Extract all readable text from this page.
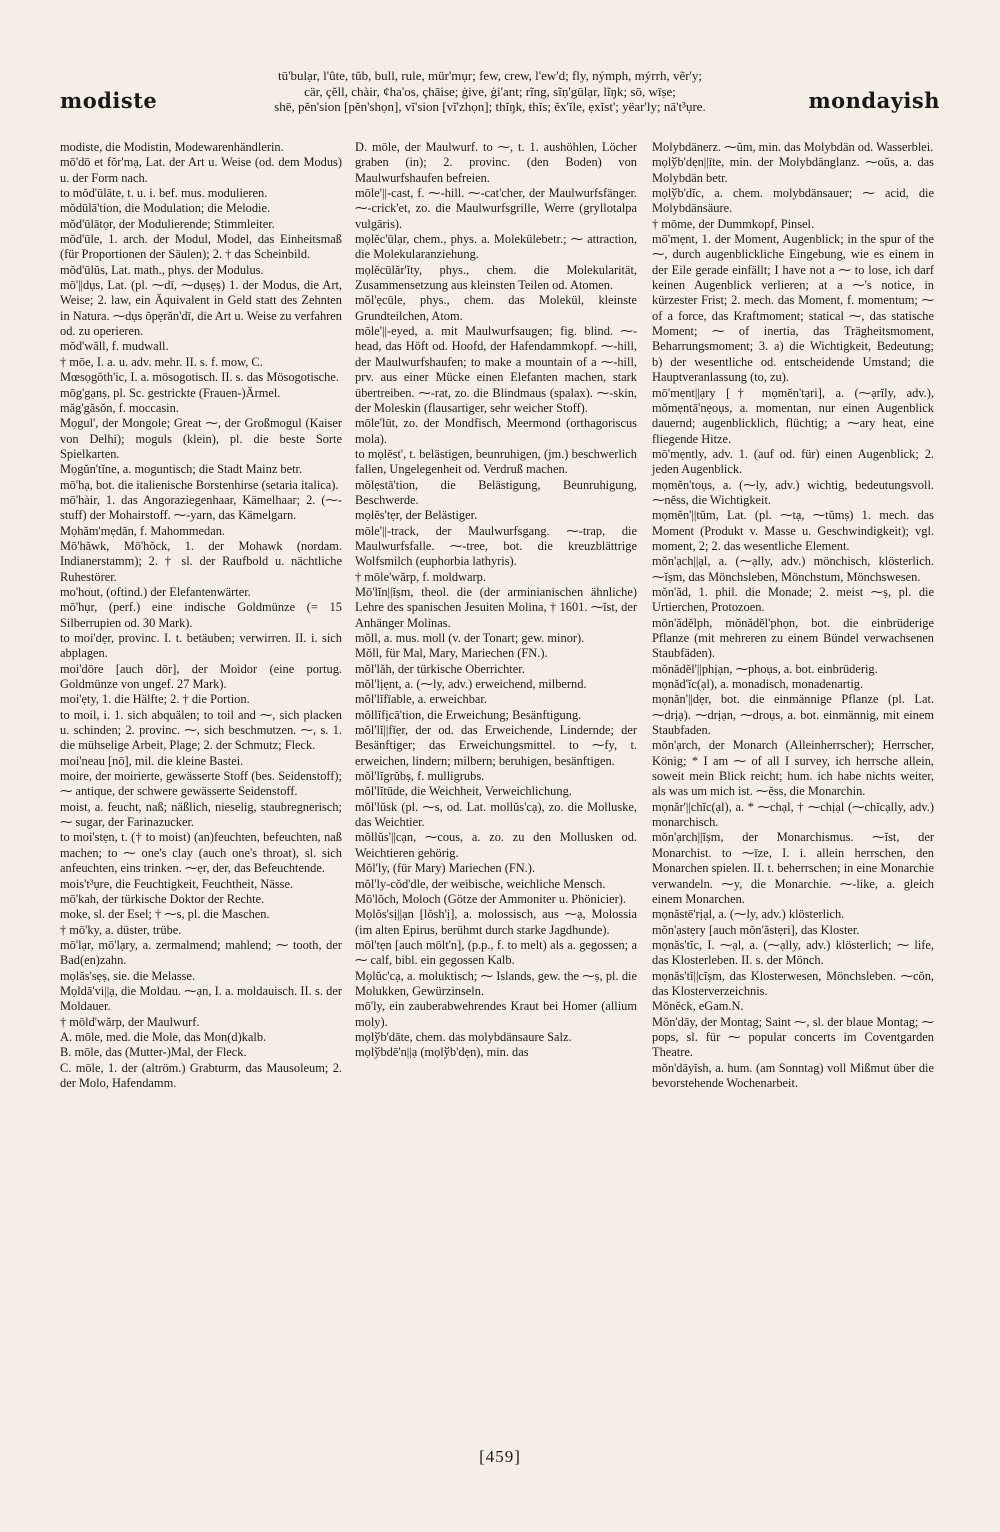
modiste
tū'bulạr, l'ûte, tŭb, bull, rule, mür'mụr; few, crew, l'ew'd; fly, nýmph, mýrrh, vẽr'y;
cär, çĕll, chàir, ¢ha'os, çhāise; ġive, ġi'ant; rĩng, sĩṇ'gūlạr, lĩŋk; sō, wīṣe;
shē, pĕn'sion [pĕn'shọn], vĭ'sion [vĭ'zhọn]; thĭŋk, ŧhĭs; ĕx'ĭle, ẹxĭst'; yëar'ly; nā't³ụre.	mondayish
modiste, die Modistin, Modewarenhändlerin.
mō'dō et fŏr'mạ, Lat. der Art u. Weise (od. dem Modus) u. der Form nach.
to mŏd'ūlāte, t. u. i. bef. mus. modulieren.
mŏdūlā'tion, die Modulation; die Melodie.
mŏd'ūlātọr, der Modulierende; Stimmleiter.
mŏd'ūle, 1. arch. der Modul, Model, das Einheitsmaß (für Proportionen der Säulen); 2. † das Scheinbild.
mŏd'ūlŭs, Lat. math., phys. der Modulus.
mō'||dụs, Lat. (pl. ⁓dī, ⁓dụsẹṣ) 1. der Modus, die Art, Weise; 2. law, ein Äquivalent in Geld statt des Zehnten in Natura. ⁓dụs ŏpẹrăn'dī, die Art u. Weise zu verfahren od. zu operieren.
mŏd'wăll, f. mudwall.
† mōe, I. a. u. adv. mehr. II. s. f. mow, C.
Mœsọgŏth'ic, I. a. mösogotisch. II. s. das Mösogotische.
mōg'gạnṣ, pl. Sc. gestrickte (Frauen-)Ärmel.
măg'găsŏn, f. moccasin.
Mọgul', der Mongole; Great ⁓, der Großmogul (Kaiser von Delhi); moguls (klein), pl. die beste Sorte Spielkarten.
Mọgŭn'tĭne, a. moguntisch; die Stadt Mainz betr.
mō'hạ, bot. die italienische Borstenhirse (setaria italica).
mō'hàir, 1. das Angoraziegenhaar, Kämelhaar; 2. (⁓-stuff) der Mohairstoff. ⁓-yarn, das Kämelgarn.
Mọhăm'mẹdăn, f. Mahommedan.
Mō'hăwk, Mō'hŏck, 1. der Mohawk (nordam. Indianerstamm); 2. † sl. der Raufbold u. nächtliche Ruhestörer.
mo'hout, (oftind.) der Elefantenwärter.
mō'hụr, (perf.) eine indische Goldmünze (= 15 Silberrupien od. 30 Mark).
to moi'dẹr, provinc. I. t. betäuben; verwirren. II. i. sich abplagen.
moi'dōre [auch dōr], der Moidor (eine portug. Goldmünze von ungef. 27 Mark).
moi'ẹty, 1. die Hälfte; 2. † die Portion.
to moil, i. 1. sich abquälen; to toil and ⁓, sich placken u. schinden; 2. provinc. ⁓, sich beschmutzen. ⁓, s. 1. die mühselige Arbeit, Plage; 2. der Schmutz; Fleck.
moi'neau [nō], mil. die kleine Bastei.
moire, der moirierte, gewässerte Stoff (bes. Seidenstoff); ⁓ antique, der schwere gewässerte Seidenstoff.
moist, a. feucht, naß; näßlich, nieselig, staubregnerisch; ⁓ sugar, der Farinazucker.
to moi'stẹn, t. († to moist) (an)feuchten, befeuchten, naß machen; to ⁓ one's clay (auch one's throat), sl. sich anfeuchten, eins trinken. ⁓ẹr, der, das Befeuchtende.
mois't³ụre, die Feuchtigkeit, Feuchtheit, Nässe.
mō'kah, der türkische Doktor der Rechte.
moke, sl. der Esel; † ⁓s, pl. die Maschen.
† mō'ky, a. düster, trübe.
mō'lạr, mō'lạry, a. zermalmend; mahlend; ⁓ tooth, der Bad(en)zahn.
mọlăs'sẹṣ, sie. die Melasse.
Mọldā'vi||ạ, die Moldau. ⁓ạn, I. a. moldauisch. II. s. der Moldauer.
† mōld'wărp, der Maulwurf.
A. mōle, med. die Mole, das Mon(d)kalb.
B. mōle, das (Mutter-)Mal, der Fleck.
C. mōle, 1. der (altröm.) Grabturm, das Mausoleum; 2. der Molo, Hafendamm.
D. mōle, der Maulwurf. to ⁓, t. 1. aushöhlen, Löcher graben (in); 2. provinc. (den Boden) von Maulwurfshaufen befreien.
mōle'||-cast, f. ⁓-hill. ⁓-cat'cher, der Maulwurfsfänger. ⁓-crick'et, zo. die Maulwurfsgrille, Werre (gryllotalpa vulgāris).
mọlĕc'ūlạr, chem., phys. a. Molekülebetr.; ⁓ attraction, die Molekularanziehung.
mọlĕcūlăr'ĭty, phys., chem. die Molekularität, Zusammensetzung aus kleinsten Teilen od. Atomen.
mŏl'ẹcūle, phys., chem. das Molekül, kleinste Grundteilchen, Atom.
mōle'||-eyed, a. mit Maulwurfsaugen; fig. blind. ⁓-head, das Höft od. Hoofd, der Hafendammkopf. ⁓-hill, der Maulwurfshaufen; to make a mountain of a ⁓-hill, prv. aus einer Mücke einen Elefanten machen, stark übertreiben. ⁓-rat, zo. die Blindmaus (spalax). ⁓-skin, der Moleskin (flausartiger, sehr weicher Stoff).
mōle'lūt, zo. der Mondfisch, Meermond (orthagoriscus mola).
to mọlĕst', t. belästigen, beunruhigen, (jm.) beschwerlich fallen, Ungelegenheit od. Verdruß machen.
mŏlẹstā'tion, die Belästigung, Beunruhigung, Beschwerde.
mọlĕs'tẹr, der Belästiger.
mōle'||-track, der Maulwurfsgang. ⁓-trap, die Maulwurfsfalle. ⁓-tree, bot. die kreuzblättrige Wolfsmilch (euphorbia lathyris).
† mōle'wărp, f. moldwarp.
Mō'lĭn||ĭṣm, theol. die (der arminianischen ähnliche) Lehre des spanischen Jesuiten Molina, † 1601. ⁓ĭst, der Anhänger Molinas.
mŏll, a. mus. moll (v. der Tonart; gew. minor).
Mŏll, für Mal, Mary, Mariechen (FN.).
mŏl'lăh, der türkische Oberrichter.
mŏl'lịẹnt, a. (⁓ly, adv.) erweichend, milbernd.
mŏl'lĭfīable, a. erweichbar.
mŏllĭfịcā'tion, die Erweichung; Besänftigung.
mŏl'lĭ||fīẹr, der od. das Erweichende, Lindernde; der Besänftiger; das Erweichungsmittel. to ⁓fy, t. erweichen, lindern; milbern; beruhigen, besänftigen.
mŏl'lĭgrŭbṣ, f. mulligrubs.
mŏl'lĭtūde, die Weichheit, Verweichlichung.
mŏl'lŭsk (pl. ⁓s, od. Lat. mollŭs'cạ), zo. die Molluske, das Weichtier.
mŏllŭs'||cạn, ⁓cous, a. zo. zu den Mollusken od. Weichtieren gehörig.
Mŏl'ly, (für Mary) Mariechen (FN.).
mŏl'ly-cŏd'dle, der weibische, weichliche Mensch.
Mō'lŏch, Moloch (Götze der Ammoniter u. Phönicier).
Mọlŏs'sị||ạn [lŏsh'ị], a. molossisch, aus ⁓ạ, Molossia (im alten Epirus, berühmt durch starke Jagdhunde).
mōl'tẹn [auch mōlt'n], (p.p., f. to melt) als a. gegossen; a ⁓ calf, bibl. ein gegossen Kalb.
Mọlŭc'cạ, a. moluktisch; ⁓ Islands, gew. the ⁓ṣ, pl. die Molukken, Gewürzinseln.
mō'ly, ein zauberabwehrendes Kraut bei Homer (allium moly).
mọlўb'dāte, chem. das molybdänsaure Salz.
mọlўbdē'n||ạ (mọlўb'dẹn), min. das
Molybdänerz. ⁓ŭm, min. das Molybdän od. Wasserblei.
mọlўb'dẹn||īte, min. der Molybdänglanz. ⁓oŭs, a. das Molybdän betr.
mọlўb'dĭc, a. chem. molybdänsauer; ⁓ acid, die Molybdänsäure.
† mōme, der Dummkopf, Pinsel.
mō'mẹnt, 1. der Moment, Augenblick; in the spur of the ⁓, durch augenblickliche Eingebung, wie es einem in der Eile gerade einfällt; I have not a ⁓ to lose, ich darf keinen Augenblick verlieren; at a ⁓'s notice, in kürzester Frist; 2. mech. das Moment, f. momentum; ⁓ of a force, das Kraftmoment; statical ⁓, das statische Moment; ⁓ of inertia, das Trägheitsmoment, Beharrungsmoment; 3. a) die Wichtigkeit, Bedeutung; b) der wesentliche od. entscheidende Umstand; die Hauptveranlassung (to, zu).
mō'mẹnt||ạry [† mọmĕn'tạri], a. (⁓ạrĭly, adv.), mŏmẹntā'nẹoụs, a. momentan, nur einen Augenblick dauernd; augenblicklich, flüchtig; a ⁓ary heat, eine fliegende Hitze.
mō'mẹntly, adv. 1. (auf od. für) einen Augenblick; 2. jeden Augenblick.
mọmĕn'toụs, a. (⁓ly, adv.) wichtig, bedeutungsvoll. ⁓nĕss, die Wichtigkeit.
mọmĕn'||tŭm, Lat. (pl. ⁓tạ, ⁓tŭmṣ) 1. mech. das Moment (Produkt v. Masse u. Geschwindigkeit); vgl. moment, 2; 2. das wesentliche Element.
mŏn'ạch||ạl, a. (⁓ạlly, adv.) mönchisch, klösterlich. ⁓ĭṣm, das Mönchsleben, Mönchstum, Mönchswesen.
mŏn'ăd, 1. phil. die Monade; 2. meist ⁓ṣ, pl. die Urtierchen, Protozoen.
mŏn'ădĕlph, mŏnădĕl'phọn, bot. die einbrüderige Pflanze (mit mehreren zu einem Bündel verwachsenen Staubfäden).
mŏnădĕl'||phịạn, ⁓phoụs, a. bot. einbrüderig.
mọnăd'ĭc(ạl), a. monadisch, monadenartig.
mọnăn'||dẹr, bot. die einmännige Pflanze (pl. Lat. ⁓drịạ). ⁓drịạn, ⁓droụs, a. bot. einmännig, mit einem Staubfaden.
mŏn'ạrch, der Monarch (Alleinherrscher); Herrscher, König; * I am ⁓ of all I survey, ich herrsche allein, soweit mein Blick reicht; hum. ich habe nichts weiter, als was um mich ist. ⁓ĕss, die Monarchin.
mọnăr'||chĭc(ạl), a. * ⁓chạl, † ⁓chịạl (⁓chĭcạlly, adv.) monarchisch.
mŏn'ạrch||ĭṣm, der Monarchismus. ⁓ĭst, der Monarchist. to ⁓īze, I. i. allein herrschen, den Monarchen spielen. II. t. beherrschen; in eine Monarchie verwandeln. ⁓y, die Monarchie. ⁓-like, a. gleich einem Monarchen.
mọnăstē'rịạl, a. (⁓ly, adv.) klösterlich.
mŏn'ạstẹry [auch mŏn'ăstẹri], das Kloster.
mọnăs'tĭc, I. ⁓ạl, a. (⁓ạlly, adv.) klösterlich; ⁓ life, das Klosterleben. II. s. der Mönch.
mọnăs'tĭ||cĭṣm, das Klosterwesen, Mönchsleben. ⁓cŏn, das Klosterverzeichnis.
Mŏnĕck, eGam.N.
Mŏn'dāy, der Montag; Saint ⁓, sl. der blaue Montag; ⁓ pops, sl. für ⁓ popular concerts im Coventgarden Theatre.
mŏn'dāyĭsh, a. hum. (am Sonntag) voll Mißmut über die bevorstehende Wochenarbeit.
[459]
